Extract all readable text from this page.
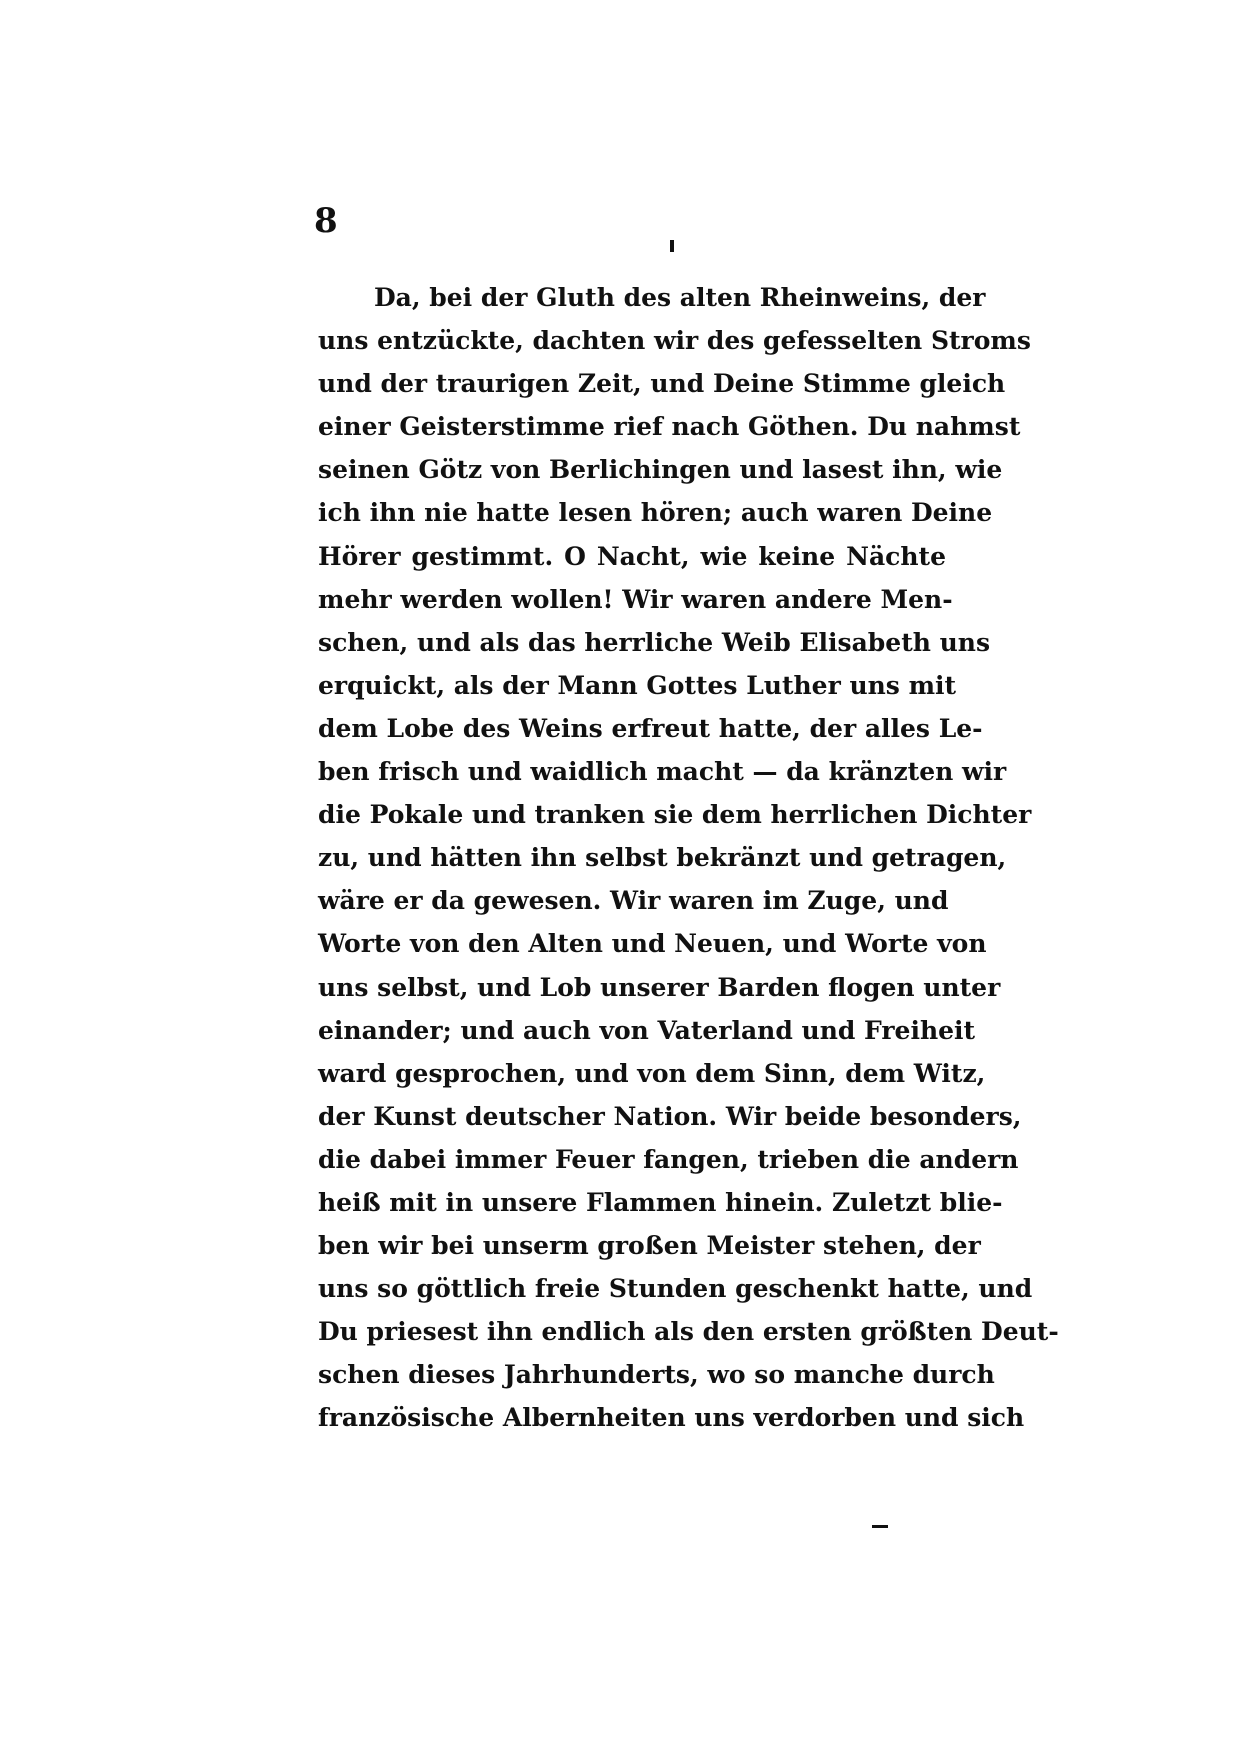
8
Da, bei der Gluth des alten Rheinweins, der
uns entzückte, dachten wir des gefesselten Stroms
und der traurigen Zeit, und Deine Stimme gleich
einer Geisterstimme rief nach Göthen. Du nahmst
seinen Götz von Berlichingen und lasest ihn, wie
ich ihn nie hatte lesen hören; auch waren Deine
Hörer gestimmt. O Nacht, wie keine Nächte
mehr werden wollen! Wir waren andere Men-
schen, und als das herrliche Weib Elisabeth uns
erquickt, als der Mann Gottes Luther uns mit
dem Lobe des Weins erfreut hatte, der alles Le-
ben frisch und waidlich macht — da kränzten wir
die Pokale und tranken sie dem herrlichen Dichter
zu, und hätten ihn selbst bekränzt und getragen,
wäre er da gewesen. Wir waren im Zuge, und
Worte von den Alten und Neuen, und Worte von
uns selbst, und Lob unserer Barden flogen unter
einander; und auch von Vaterland und Freiheit
ward gesprochen, und von dem Sinn, dem Witz,
der Kunst deutscher Nation. Wir beide besonders,
die dabei immer Feuer fangen, trieben die andern
heiß mit in unsere Flammen hinein. Zuletzt blie-
ben wir bei unserm großen Meister stehen, der
uns so göttlich freie Stunden geschenkt hatte, und
Du priesest ihn endlich als den ersten größten Deut-
schen dieses Jahrhunderts, wo so manche durch
französische Albernheiten uns verdorben und sich
